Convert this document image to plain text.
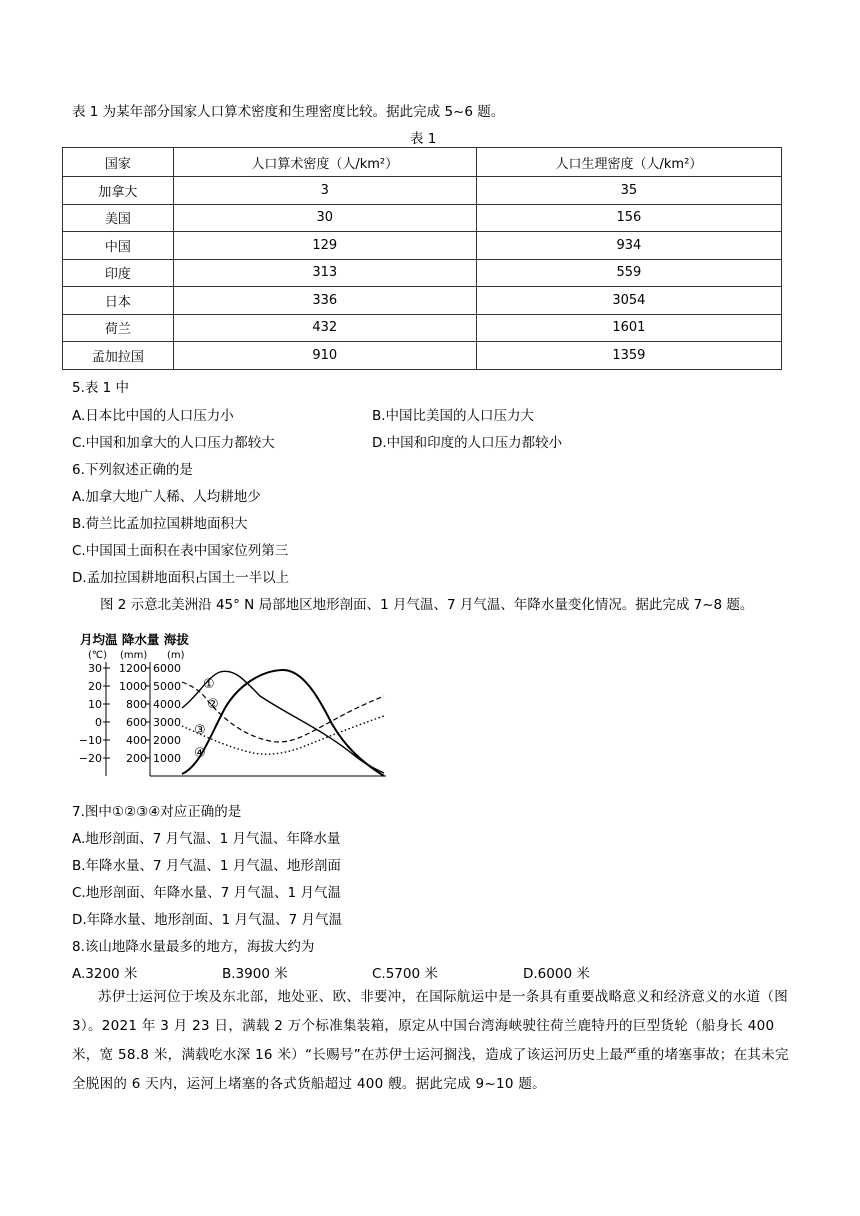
表 1 为某年部分国家人口算术密度和生理密度比较。据此完成 5~6 题。
表 1
国家	人口算术密度（人/km²）	人口生理密度（人/km²）
加拿大	3	35
美国	30	156
中国	129	934
印度	313	559
日本	336	3054
荷兰	432	1601
孟加拉国	910	1359
5.表 1 中
A.日本比中国的人口压力小	B.中国比美国的人口压力大
C.中国和加拿大的人口压力都较大	D.中国和印度的人口压力都较小
6.下列叙述正确的是
A.加拿大地广人稀、人均耕地少
B.荷兰比孟加拉国耕地面积大
C.中国国土面积在表中国家位列第三
D.孟加拉国耕地面积占国土一半以上
图 2 示意北美洲沿 45° N 局部地区地形剖面、1 月气温、7 月气温、年降水量变化情况。据此完成 7~8 题。
月均温 降水量 海拔
(℃) (mm) (m)
30
20
10
0
−10
−20
1200
1000
800
600
400
200
6000
5000
4000
3000
2000
1000
①
②
③
④
7.图中①②③④对应正确的是
A.地形剖面、7 月气温、1 月气温、年降水量
B.年降水量、7 月气温、1 月气温、地形剖面
C.地形剖面、年降水量、7 月气温、1 月气温
D.年降水量、地形剖面、1 月气温、7 月气温
8.该山地降水量最多的地方，海拔大约为
A.3200 米	B.3900 米	C.5700 米	D.6000 米
苏伊士运河位于埃及东北部，地处亚、欧、非要冲，在国际航运中是一条具有重要战略意义和经济意义的水道（图 3）。2021 年 3 月 23 日，满载 2 万个标准集装箱，原定从中国台湾海峡驶往荷兰鹿特丹的巨型货轮（船身长 400 米，宽 58.8 米，满载吃水深 16 米）“长赐号”在苏伊士运河搁浅，造成了该运河历史上最严重的堵塞事故；在其未完全脱困的 6 天内，运河上堵塞的各式货船超过 400 艘。据此完成 9~10 题。
